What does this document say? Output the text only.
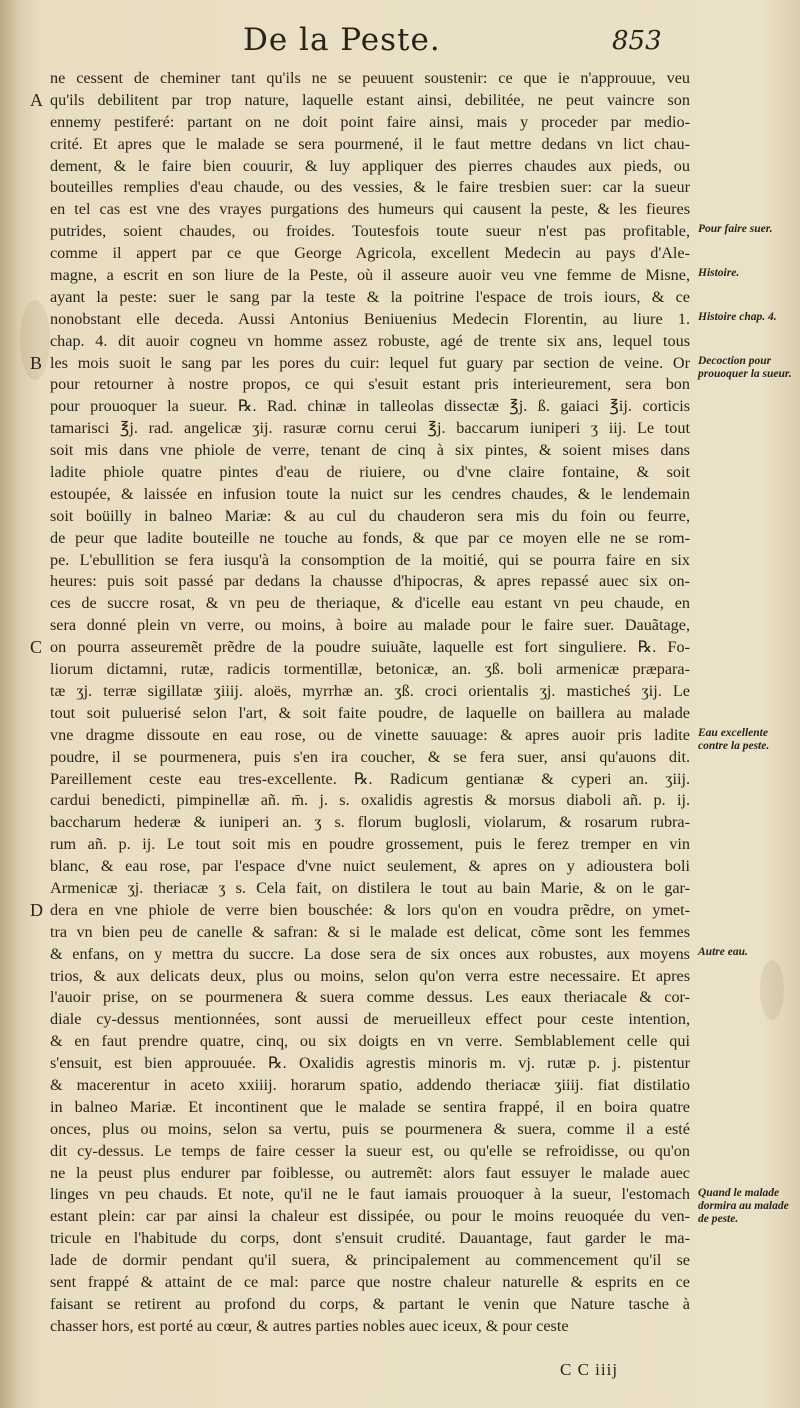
De la Peste.	853
ne cessent de cheminer tant qu'ils ne se peuuent soustenir: ce que ie n'approuue, veu
qu'ils debilitent par trop nature, laquelle estant ainsi, debilitée, ne peut vaincre son
ennemy pestiferé: partant on ne doit point faire ainsi, mais y proceder par medio-
crité. Et apres que le malade se sera pourmené, il le faut mettre dedans vn lict chau-
dement, & le faire bien couurir, & luy appliquer des pierres chaudes aux pieds, ou
bouteilles remplies d'eau chaude, ou des vessies, & le faire tresbien suer: car la sueur
en tel cas est vne des vrayes purgations des humeurs qui causent la peste, & les fieures
putrides, soient chaudes, ou froides. Toutesfois toute sueur n'est pas profitable,
comme il appert par ce que George Agricola, excellent Medecin au pays d'Ale-
magne, a escrit en son liure de la Peste, où il asseure auoir veu vne femme de Misne,
ayant la peste: suer le sang par la teste & la poitrine l'espace de trois iours, & ce
nonobstant elle deceda. Aussi Antonius Beniuenius Medecin Florentin, au liure 1.
chap. 4. dit auoir cogneu vn homme assez robuste, agé de trente six ans, lequel tous
les mois suoit le sang par les pores du cuir: lequel fut guary par section de veine. Or
pour retourner à nostre propos, ce qui s'esuit estant pris interieurement, sera bon
pour prouoquer la sueur. ℞. Rad. chinæ in talleolas dissectæ ℥j. ß. gaiaci ℥ij. corticis
tamarisci ℥j. rad. angelicæ ʒij. rasuræ cornu cerui ℥j. baccarum iuniperi ʒ iij. Le tout
soit mis dans vne phiole de verre, tenant de cinq à six pintes, & soient mises dans
ladite phiole quatre pintes d'eau de riuiere, ou d'vne claire fontaine, & soit
estoupée, & laissée en infusion toute la nuict sur les cendres chaudes, & le lendemain
soit boüilly in balneo Mariæ: & au cul du chauderon sera mis du foin ou feurre,
de peur que ladite bouteille ne touche au fonds, & que par ce moyen elle ne se rom-
pe. L'ebullition se fera iusqu'à la consomption de la moitié, qui se pourra faire en six
heures: puis soit passé par dedans la chausse d'hipocras, & apres repassé auec six on-
ces de succre rosat, & vn peu de theriaque, & d'icelle eau estant vn peu chaude, en
sera donné plein vn verre, ou moins, à boire au malade pour le faire suer. Dauãtage,
on pourra asseuremẽt prẽdre de la poudre suiuãte, laquelle est fort singuliere. ℞. Fo-
liorum dictamni, rutæ, radicis tormentillæ, betonicæ, an. ʒß. boli armenicæ præpara-
tæ ʒj. terræ sigillatæ ʒiiij. aloës, myrrhæ an. ʒß. croci orientalis ʒj. masticheś ʒij. Le
tout soit puluerisé selon l'art, & soit faite poudre, de laquelle on baillera au malade
vne dragme dissoute en eau rose, ou de vinette sauuage: & apres auoir pris ladite
poudre, il se pourmenera, puis s'en ira coucher, & se fera suer, ansi qu'auons dit.
Pareillement ceste eau tres-excellente. ℞. Radicum gentianæ & cyperi an. ʒiij.
cardui benedicti, pimpinellæ añ. m̄. j. s. oxalidis agrestis & morsus diaboli añ. p. ij.
baccharum hederæ & iuniperi an. ʒ s. florum buglosli, violarum, & rosarum rubra-
rum añ. p. ij. Le tout soit mis en poudre grossement, puis le ferez tremper en vin
blanc, & eau rose, par l'espace d'vne nuict seulement, & apres on y adioustera boli
Armenicæ ʒj. theriacæ ʒ s. Cela fait, on distilera le tout au bain Marie, & on le gar-
dera en vne phiole de verre bien bouschée: & lors qu'on en voudra prẽdre, on ymet-
tra vn bien peu de canelle & safran: & si le malade est delicat, cõme sont les femmes
& enfans, on y mettra du succre. La dose sera de six onces aux robustes, aux moyens
trios, & aux delicats deux, plus ou moins, selon qu'on verra estre necessaire. Et apres
l'auoir prise, on se pourmenera & suera comme dessus. Les eaux theriacale & cor-
diale cy-dessus mentionnées, sont aussi de merueilleux effect pour ceste intention,
& en faut prendre quatre, cinq, ou six doigts en vn verre. Semblablement celle qui
s'ensuit, est bien approuuée. ℞. Oxalidis agrestis minoris m. vj. rutæ p. j. pistentur
& macerentur in aceto xxiiij. horarum spatio, addendo theriacæ ʒiiij. fiat distilatio
in balneo Mariæ. Et incontinent que le malade se sentira frappé, il en boira quatre
onces, plus ou moins, selon sa vertu, puis se pourmenera & suera, comme il a esté
dit cy-dessus. Le temps de faire cesser la sueur est, ou qu'elle se refroidisse, ou qu'on
ne la peust plus endurer par foiblesse, ou autremẽt: alors faut essuyer le malade auec
linges vn peu chauds. Et note, qu'il ne le faut iamais prouoquer à la sueur, l'estomach
estant plein: car par ainsi la chaleur est dissipée, ou pour le moins reuoquée du ven-
tricule en l'habitude du corps, dont s'ensuit crudité. Dauantage, faut garder le ma-
lade de dormir pendant qu'il suera, & principalement au commencement qu'il se
sent frappé & attaint de ce mal: parce que nostre chaleur naturelle & esprits en ce
faisant se retirent au profond du corps, & partant le venin que Nature tasche à
chasser hors, est porté au cœur, & autres parties nobles auec iceux, & pour ceste
A
B
C
D
Pour faire suer.
Histoire.
Histoire chap. 4.
Decoction pour prouoquer la sueur.
Eau excellente contre la peste.
Autre eau.
Quand le malade dormira au malade de peste.
C C iiij
